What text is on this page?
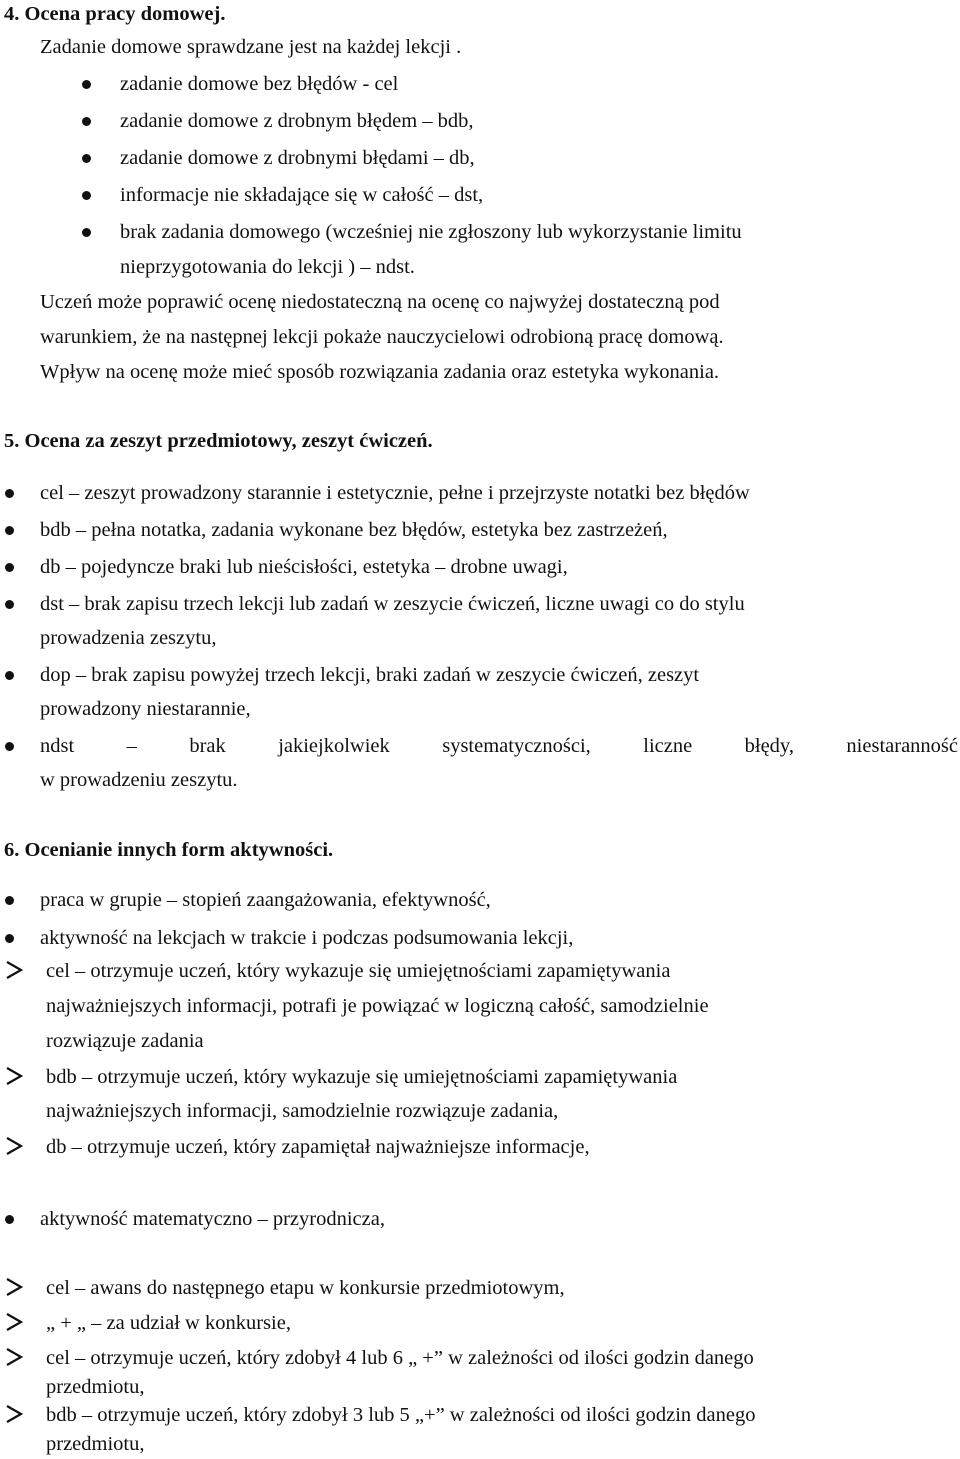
4. Ocena pracy domowej.
Zadanie domowe sprawdzane jest na każdej lekcji .
zadanie domowe bez błędów - cel
zadanie domowe z drobnym błędem – bdb,
zadanie domowe z drobnymi błędami – db,
informacje nie składające się w całość – dst,
brak zadania domowego (wcześniej nie zgłoszony lub wykorzystanie limitu
nieprzygotowania do lekcji ) – ndst.
Uczeń może poprawić ocenę niedostateczną na ocenę co najwyżej dostateczną pod
warunkiem, że na następnej lekcji pokaże nauczycielowi odrobioną pracę domową.
Wpływ na ocenę może mieć sposób rozwiązania zadania oraz estetyka wykonania.
5. Ocena za zeszyt przedmiotowy, zeszyt ćwiczeń.
cel – zeszyt prowadzony starannie i estetycznie, pełne i przejrzyste notatki bez błędów
bdb – pełna notatka, zadania wykonane bez błędów, estetyka bez zastrzeżeń,
db – pojedyncze braki lub nieścisłości, estetyka – drobne uwagi,
dst – brak zapisu trzech lekcji lub zadań w zeszycie ćwiczeń, liczne uwagi co do stylu
prowadzenia zeszytu,
dop – brak zapisu powyżej trzech lekcji, braki zadań w zeszycie ćwiczeń, zeszyt
prowadzony niestarannie,
ndst – brak jakiejkolwiek systematyczności, liczne błędy, niestaranność
w prowadzeniu zeszytu.
6. Ocenianie innych form aktywności.
praca w grupie – stopień zaangażowania, efektywność,
aktywność na lekcjach w trakcie i podczas podsumowania lekcji,
cel – otrzymuje uczeń, który wykazuje się umiejętnościami zapamiętywania
najważniejszych informacji, potrafi je powiązać w logiczną całość, samodzielnie
rozwiązuje zadania
bdb – otrzymuje uczeń, który wykazuje się umiejętnościami zapamiętywania
najważniejszych informacji, samodzielnie rozwiązuje zadania,
db – otrzymuje uczeń, który zapamiętał najważniejsze informacje,
aktywność matematyczno – przyrodnicza,
cel – awans do następnego etapu w konkursie przedmiotowym,
„ + „ – za udział w konkursie,
cel – otrzymuje uczeń, który zdobył 4 lub 6 „ +” w zależności od ilości godzin danego
przedmiotu,
bdb – otrzymuje uczeń, który zdobył 3 lub 5 „+” w zależności od ilości godzin danego
przedmiotu,
